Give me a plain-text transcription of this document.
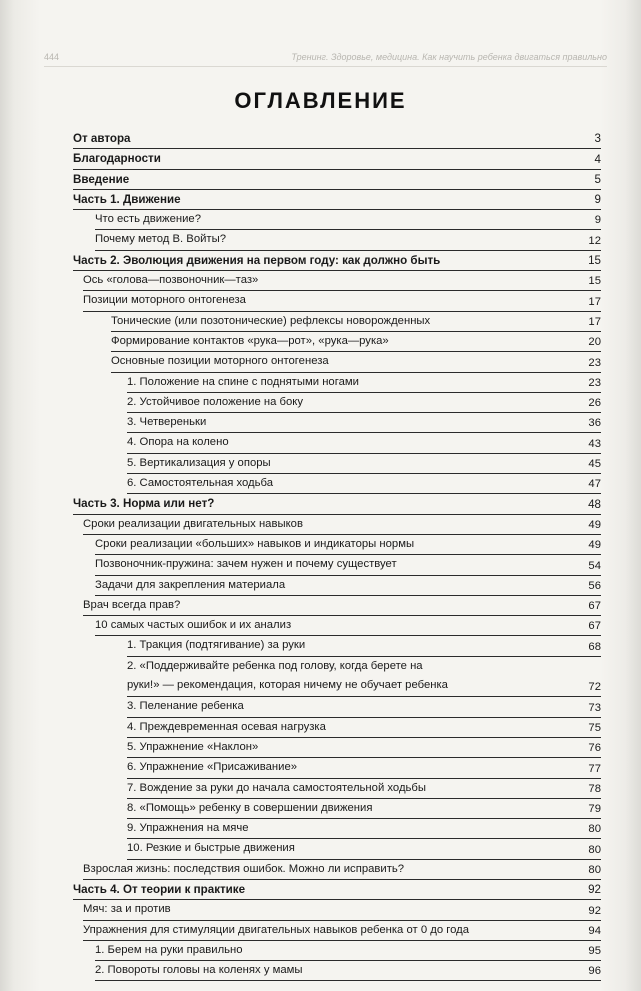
444	Тренинг. Здоровье, медицина. Как научить ребенка двигаться правильно
ОГЛАВЛЕНИЕ
От автора	3
Благодарности	4
Введение	5
Часть 1. Движение	9
Что есть движение?	9
Почему метод В. Войты?	12
Часть 2. Эволюция движения на первом году: как должно быть	15
Ось «голова—позвоночник—таз»	15
Позиции моторного онтогенеза	17
Тонические (или позотонические) рефлексы новорожденных	17
Формирование контактов «рука—рот», «рука—рука»	20
Основные позиции моторного онтогенеза	23
1. Положение на спине с поднятыми ногами	23
2. Устойчивое положение на боку	26
3. Четвереньки	36
4. Опора на колено	43
5. Вертикализация у опоры	45
6. Самостоятельная ходьба	47
Часть 3. Норма или нет?	48
Сроки реализации двигательных навыков	49
Сроки реализации «больших» навыков и индикаторы нормы	49
Позвоночник-пружина: зачем нужен и почему существует	54
Задачи для закрепления материала	56
Врач всегда прав?	67
10 самых частых ошибок и их анализ	67
1. Тракция (подтягивание) за руки	68
2. «Поддерживайте ребенка под голову, когда берете на руки!» — рекомендация, которая ничему не обучает ребенка	72
3. Пеленание ребенка	73
4. Преждевременная осевая нагрузка	75
5. Упражнение «Наклон»	76
6. Упражнение «Присаживание»	77
7. Вождение за руки до начала самостоятельной ходьбы	78
8. «Помощь» ребенку в совершении движения	79
9. Упражнения на мяче	80
10. Резкие и быстрые движения	80
Взрослая жизнь: последствия ошибок. Можно ли исправить?	80
Часть 4. От теории к практике	92
Мяч: за и против	92
Упражнения для стимуляции двигательных навыков ребенка от 0 до года	94
1. Берем на руки правильно	95
2. Повороты головы на коленях у мамы	96
